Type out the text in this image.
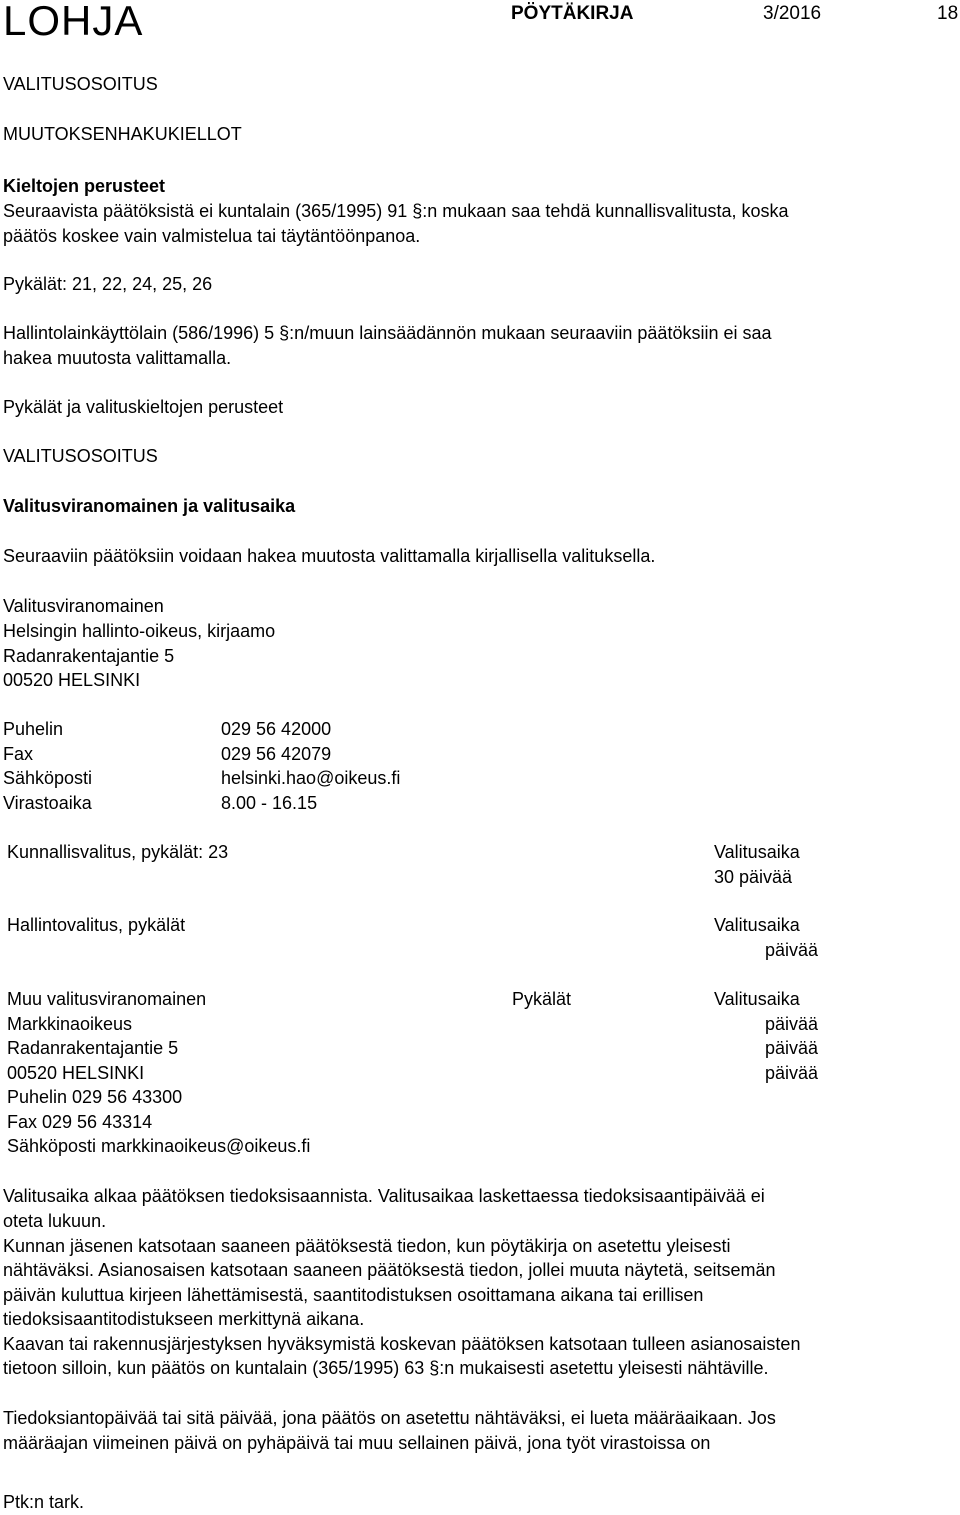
LOHJA	PÖYTÄKIRJA	3/2016	18
VALITUSOSOITUS
MUUTOKSENHAKUKIELLOT
Kieltojen perusteet
Seuraavista päätöksistä ei kuntalain (365/1995) 91 §:n mukaan saa tehdä kunnallisvalitusta, koska
päätös koskee vain valmistelua tai täytäntöönpanoa.
Pykälät: 21, 22, 24, 25, 26
Hallintolainkäyttölain (586/1996) 5 §:n/muun lainsäädännön mukaan seuraaviin päätöksiin ei saa
hakea muutosta valittamalla.
Pykälät ja valituskieltojen perusteet
VALITUSOSOITUS
Valitusviranomainen ja valitusaika
Seuraaviin päätöksiin voidaan hakea muutosta valittamalla kirjallisella valituksella.
Valitusviranomainen
Helsingin hallinto-oikeus, kirjaamo
Radanrakentajantie 5
00520 HELSINKI
Puhelin	029 56 42000
Fax	029 56 42079
Sähköposti	helsinki.hao@oikeus.fi
Virastoaika	8.00 - 16.15
Kunnallisvalitus, pykälät: 23	Valitusaika
30 päivää
Hallintovalitus, pykälät	Valitusaika
päivää
Muu valitusviranomainen	Pykälät	Valitusaika
Markkinaoikeus	päivää
Radanrakentajantie 5	päivää
00520 HELSINKI	päivää
Puhelin 029 56 43300
Fax 029 56 43314
Sähköposti markkinaoikeus@oikeus.fi
Valitusaika alkaa päätöksen tiedoksisaannista. Valitusaikaa laskettaessa tiedoksisaantipäivää ei
oteta lukuun.
Kunnan jäsenen katsotaan saaneen päätöksestä tiedon, kun pöytäkirja on asetettu yleisesti
nähtäväksi. Asianosaisen katsotaan saaneen päätöksestä tiedon, jollei muuta näytetä, seitsemän
päivän kuluttua kirjeen lähettämisestä, saantitodistuksen osoittamana aikana tai erillisen
tiedoksisaantitodistukseen merkittynä aikana.
Kaavan tai rakennusjärjestyksen hyväksymistä koskevan päätöksen katsotaan tulleen asianosaisten
tietoon silloin, kun päätös on kuntalain (365/1995) 63 §:n mukaisesti asetettu yleisesti nähtäville.
Tiedoksiantopäivää tai sitä päivää, jona päätös on asetettu nähtäväksi, ei lueta määräaikaan. Jos
määräajan viimeinen päivä on pyhäpäivä tai muu sellainen päivä, jona työt virastoissa on
Ptk:n tark.
